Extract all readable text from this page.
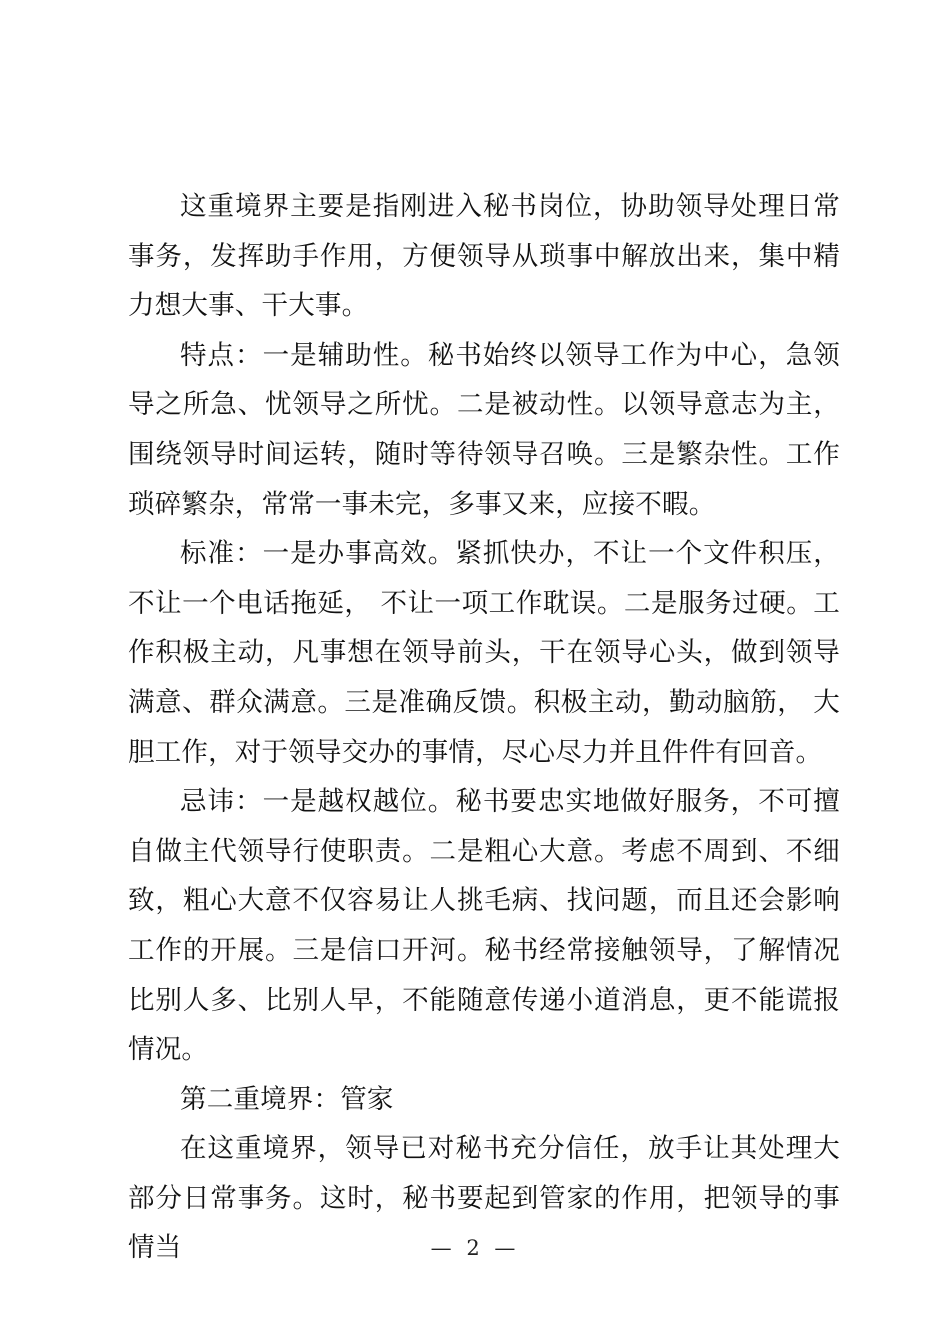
这重境界主要是指刚进入秘书岗位，协助领导处理日常事务，发挥助手作用，方便领导从琐事中解放出来，集中精力想大事、干大事。

特点：一是辅助性。秘书始终以领导工作为中心，急领导之所急、忧领导之所忧。二是被动性。以领导意志为主，围绕领导时间运转，随时等待领导召唤。三是繁杂性。工作琐碎繁杂，常常一事未完，多事又来，应接不暇。

标准：一是办事高效。紧抓快办，不让一个文件积压，不让一个电话拖延， 不让一项工作耽误。二是服务过硬。工作积极主动，凡事想在领导前头，干在领导心头，做到领导满意、群众满意。三是准确反馈。积极主动，勤动脑筋， 大胆工作，对于领导交办的事情，尽心尽力并且件件有回音。

忌讳：一是越权越位。秘书要忠实地做好服务，不可擅自做主代领导行使职责。二是粗心大意。考虑不周到、不细致，粗心大意不仅容易让人挑毛病、找问题，而且还会影响工作的开展。三是信口开河。秘书经常接触领导，了解情况比别人多、比别人早，不能随意传递小道消息，更不能谎报情况。

第二重境界：管家

在这重境界，领导已对秘书充分信任，放手让其处理大部分日常事务。这时，秘书要起到管家的作用，把领导的事情当	— 2 —
